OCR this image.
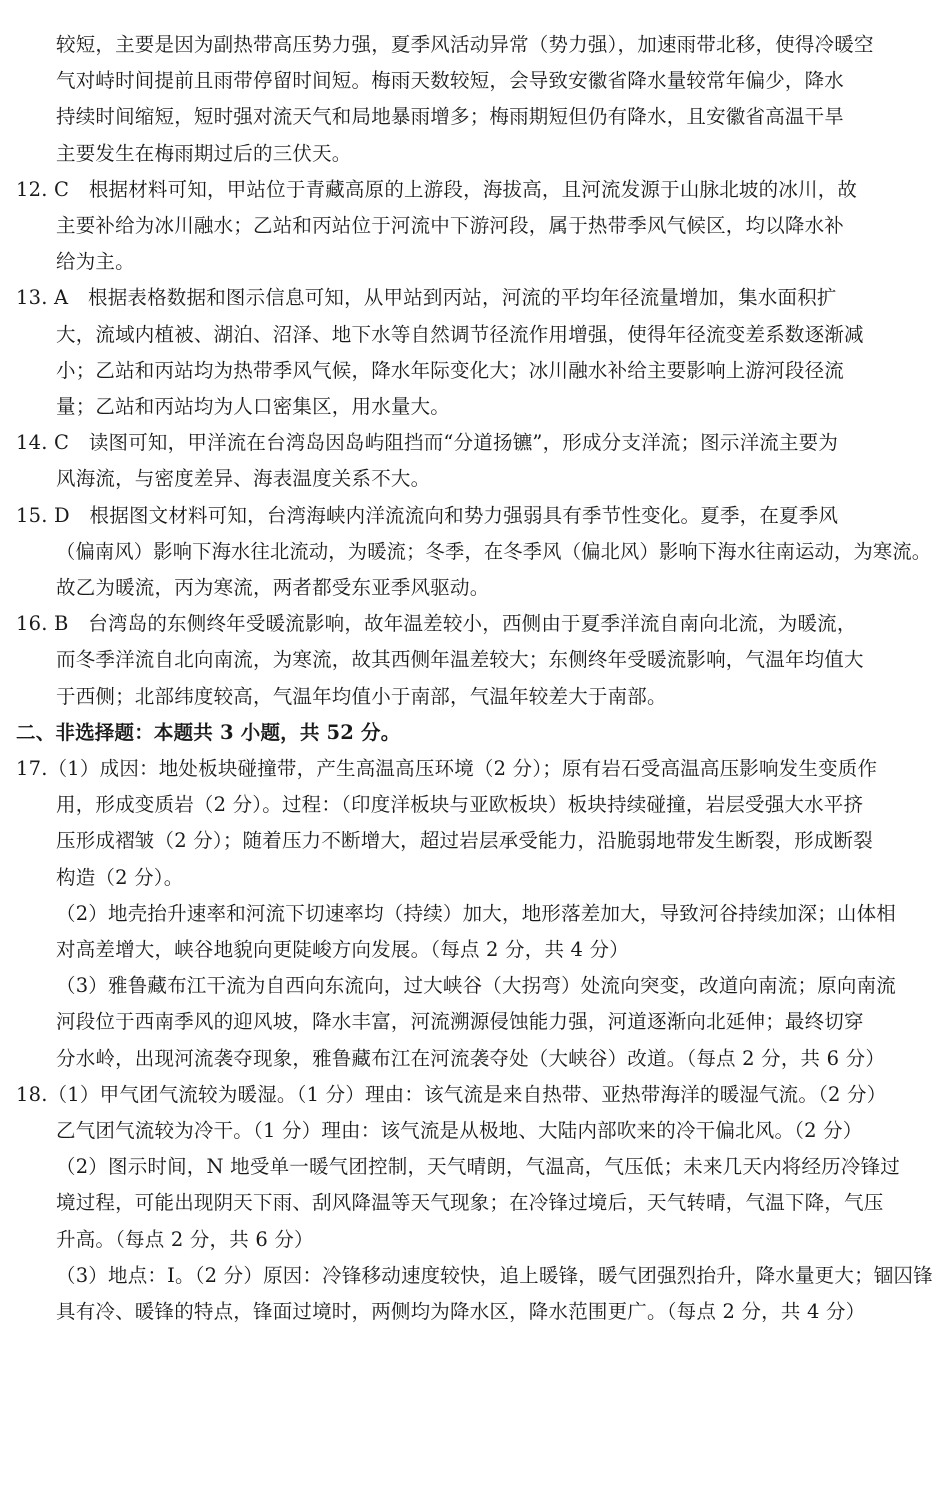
较短，主要是因为副热带高压势力强，夏季风活动异常（势力强），加速雨带北移，使得冷暖空
气对峙时间提前且雨带停留时间短。梅雨天数较短，会导致安徽省降水量较常年偏少，降水
持续时间缩短，短时强对流天气和局地暴雨增多；梅雨期短但仍有降水，且安徽省高温干旱
主要发生在梅雨期过后的三伏天。
12. C　根据材料可知，甲站位于青藏高原的上游段，海拔高，且河流发源于山脉北坡的冰川，故
主要补给为冰川融水；乙站和丙站位于河流中下游河段，属于热带季风气候区，均以降水补
给为主。
13. A　根据表格数据和图示信息可知，从甲站到丙站，河流的平均年径流量增加，集水面积扩
大，流域内植被、湖泊、沼泽、地下水等自然调节径流作用增强，使得年径流变差系数逐渐减
小；乙站和丙站均为热带季风气候，降水年际变化大；冰川融水补给主要影响上游河段径流
量；乙站和丙站均为人口密集区，用水量大。
14. C　读图可知，甲洋流在台湾岛因岛屿阻挡而“分道扬镳”，形成分支洋流；图示洋流主要为
风海流，与密度差异、海表温度关系不大。
15. D　根据图文材料可知，台湾海峡内洋流流向和势力强弱具有季节性变化。夏季，在夏季风
（偏南风）影响下海水往北流动，为暖流；冬季，在冬季风（偏北风）影响下海水往南运动，为寒流。
故乙为暖流，丙为寒流，两者都受东亚季风驱动。
16. B　台湾岛的东侧终年受暖流影响，故年温差较小，西侧由于夏季洋流自南向北流，为暖流，
而冬季洋流自北向南流，为寒流，故其西侧年温差较大；东侧终年受暖流影响，气温年均值大
于西侧；北部纬度较高，气温年均值小于南部，气温年较差大于南部。
二、非选择题：本题共 3 小题，共 52 分。
17.（1）成因：地处板块碰撞带，产生高温高压环境（2 分）；原有岩石受高温高压影响发生变质作
用，形成变质岩（2 分）。过程：（印度洋板块与亚欧板块）板块持续碰撞，岩层受强大水平挤
压形成褶皱（2 分）；随着压力不断增大，超过岩层承受能力，沿脆弱地带发生断裂，形成断裂
构造（2 分）。
（2）地壳抬升速率和河流下切速率均（持续）加大，地形落差加大，导致河谷持续加深；山体相
对高差增大，峡谷地貌向更陡峻方向发展。（每点 2 分，共 4 分）
（3）雅鲁藏布江干流为自西向东流向，过大峡谷（大拐弯）处流向突变，改道向南流；原向南流
河段位于西南季风的迎风坡，降水丰富，河流溯源侵蚀能力强，河道逐渐向北延伸；最终切穿
分水岭，出现河流袭夺现象，雅鲁藏布江在河流袭夺处（大峡谷）改道。（每点 2 分，共 6 分）
18.（1）甲气团气流较为暖湿。（1 分）理由：该气流是来自热带、亚热带海洋的暖湿气流。（2 分）
乙气团气流较为冷干。（1 分）理由：该气流是从极地、大陆内部吹来的冷干偏北风。（2 分）
（2）图示时间，N 地受单一暖气团控制，天气晴朗，气温高，气压低；未来几天内将经历冷锋过
境过程，可能出现阴天下雨、刮风降温等天气现象；在冷锋过境后，天气转晴，气温下降，气压
升高。（每点 2 分，共 6 分）
（3）地点：Ⅰ。（2 分）原因：冷锋移动速度较快，追上暖锋，暖气团强烈抬升，降水量更大；锢囚锋
具有冷、暖锋的特点，锋面过境时，两侧均为降水区，降水范围更广。（每点 2 分，共 4 分）
